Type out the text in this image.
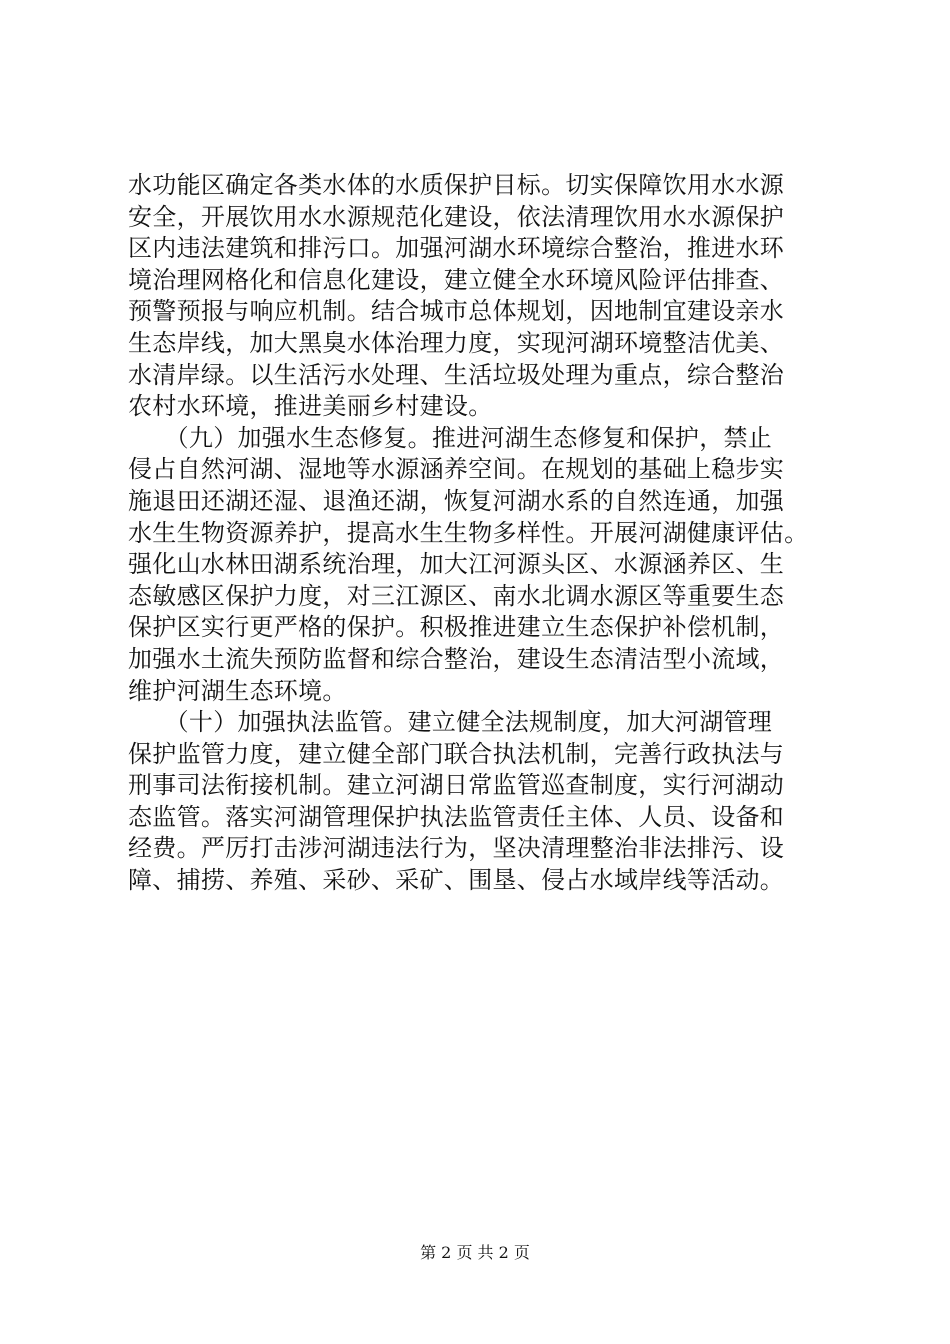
水功能区确定各类水体的水质保护目标。切实保障饮用水水源
安全，开展饮用水水源规范化建设，依法清理饮用水水源保护
区内违法建筑和排污口。加强河湖水环境综合整治，推进水环
境治理网格化和信息化建设，建立健全水环境风险评估排查、
预警预报与响应机制。结合城市总体规划，因地制宜建设亲水
生态岸线，加大黑臭水体治理力度，实现河湖环境整洁优美、
水清岸绿。以生活污水处理、生活垃圾处理为重点，综合整治
农村水环境，推进美丽乡村建设。
　　（九）加强水生态修复。推进河湖生态修复和保护，禁止
侵占自然河湖、湿地等水源涵养空间。在规划的基础上稳步实
施退田还湖还湿、退渔还湖，恢复河湖水系的自然连通，加强
水生生物资源养护，提高水生生物多样性。开展河湖健康评估。
强化山水林田湖系统治理，加大江河源头区、水源涵养区、生
态敏感区保护力度，对三江源区、南水北调水源区等重要生态
保护区实行更严格的保护。积极推进建立生态保护补偿机制，
加强水土流失预防监督和综合整治，建设生态清洁型小流域，
维护河湖生态环境。
　　（十）加强执法监管。建立健全法规制度，加大河湖管理
保护监管力度，建立健全部门联合执法机制，完善行政执法与
刑事司法衔接机制。建立河湖日常监管巡查制度，实行河湖动
态监管。落实河湖管理保护执法监管责任主体、人员、设备和
经费。严厉打击涉河湖违法行为，坚决清理整治非法排污、设
障、捕捞、养殖、采砂、采矿、围垦、侵占水域岸线等活动。
第 2 页 共 2 页
